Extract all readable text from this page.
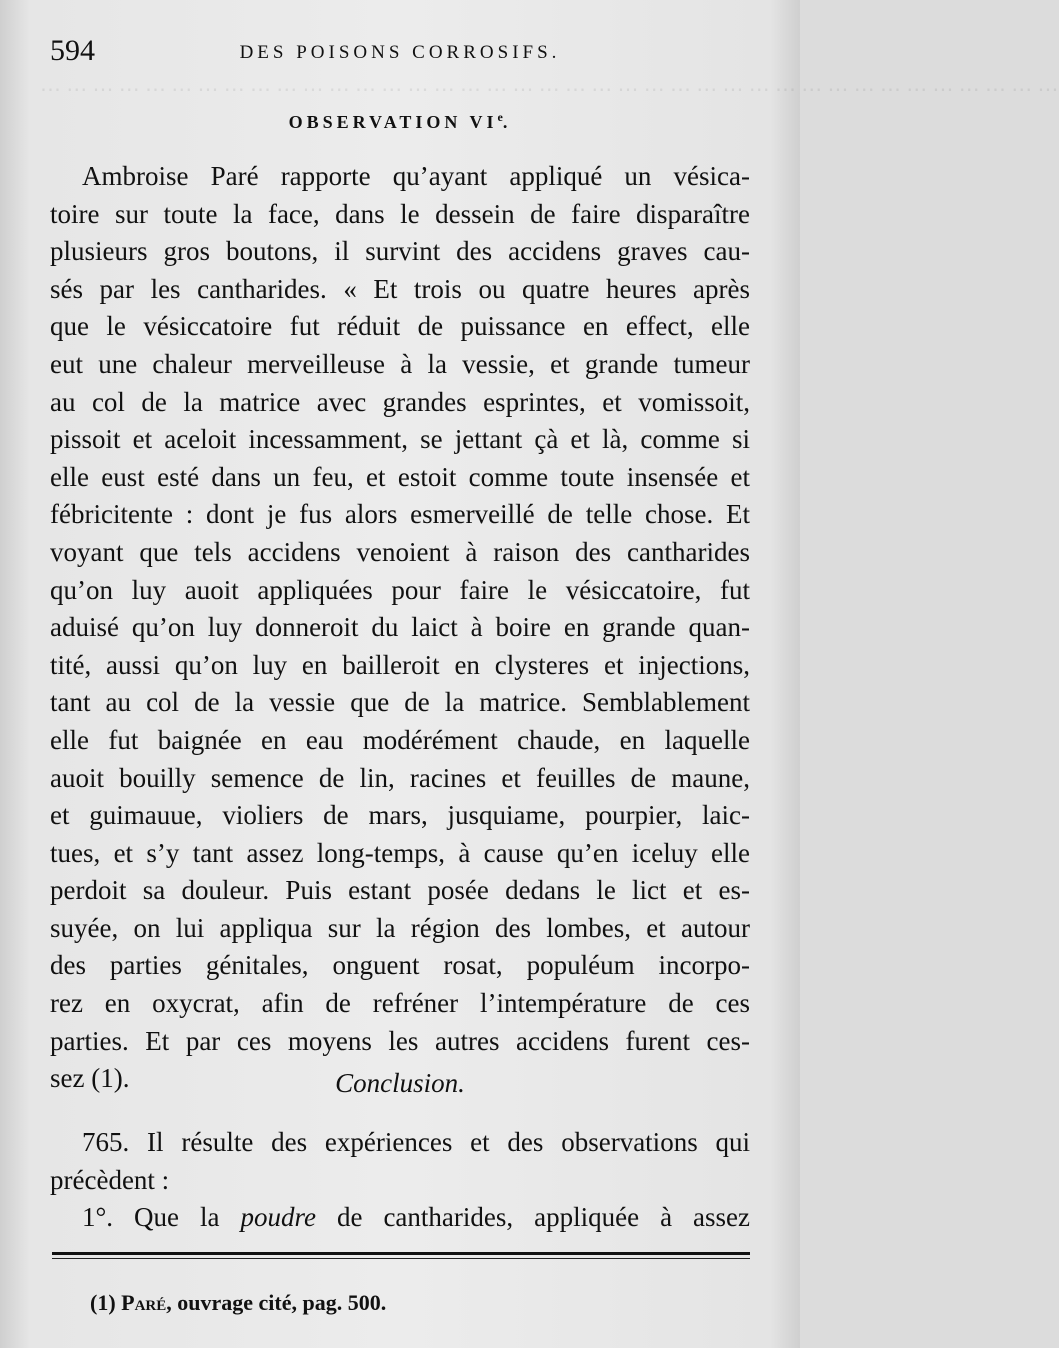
⋯ ⋯ ⋯ ⋯ ⋯ ⋯ ⋯ ⋯ ⋯ ⋯ ⋯ ⋯ ⋯ ⋯ ⋯ ⋯ ⋯ ⋯ ⋯ ⋯ ⋯ ⋯ ⋯ ⋯ ⋯ ⋯ ⋯ ⋯ ⋯ ⋯ ⋯ ⋯ ⋯ ⋯ ⋯ ⋯ ⋯ ⋯ ⋯
594	DES POISONS CORROSIFS.
OBSERVATION VIe.
Ambroise Paré rapporte qu’ayant appliqué un vésica-
toire sur toute la face, dans le dessein de faire disparaître
plusieurs gros boutons, il survint des accidens graves cau-
sés par les cantharides. « Et trois ou quatre heures après
que le vésiccatoire fut réduit de puissance en effect, elle
eut une chaleur merveilleuse à la vessie, et grande tumeur
au col de la matrice avec grandes esprintes, et vomissoit,
pissoit et aceloit incessamment, se jettant çà et là, comme si
elle eust esté dans un feu, et estoit comme toute insensée et
fébricitente : dont je fus alors esmerveillé de telle chose. Et
voyant que tels accidens venoient à raison des cantharides
qu’on luy auoit appliquées pour faire le vésiccatoire, fut
aduisé qu’on luy donneroit du laict à boire en grande quan-
tité, aussi qu’on luy en bailleroit en clysteres et injections,
tant au col de la vessie que de la matrice. Semblablement
elle fut baignée en eau modérément chaude, en laquelle
auoit bouilly semence de lin, racines et feuilles de maune,
et guimauue, violiers de mars, jusquiame, pourpier, laic-
tues, et s’y tant assez long-temps, à cause qu’en iceluy elle
perdoit sa douleur. Puis estant posée dedans le lict et es-
suyée, on lui appliqua sur la région des lombes, et autour
des parties génitales, onguent rosat, populéum incorpo-
rez en oxycrat, afin de refréner l’intempérature de ces
parties. Et par ces moyens les autres accidens furent ces-
sez (1).	Conclusion.
765. Il résulte des expériences et des observations qui
précèdent :
1°. Que la poudre de cantharides, appliquée à assez
(1) Paré, ouvrage cité, pag. 500.
